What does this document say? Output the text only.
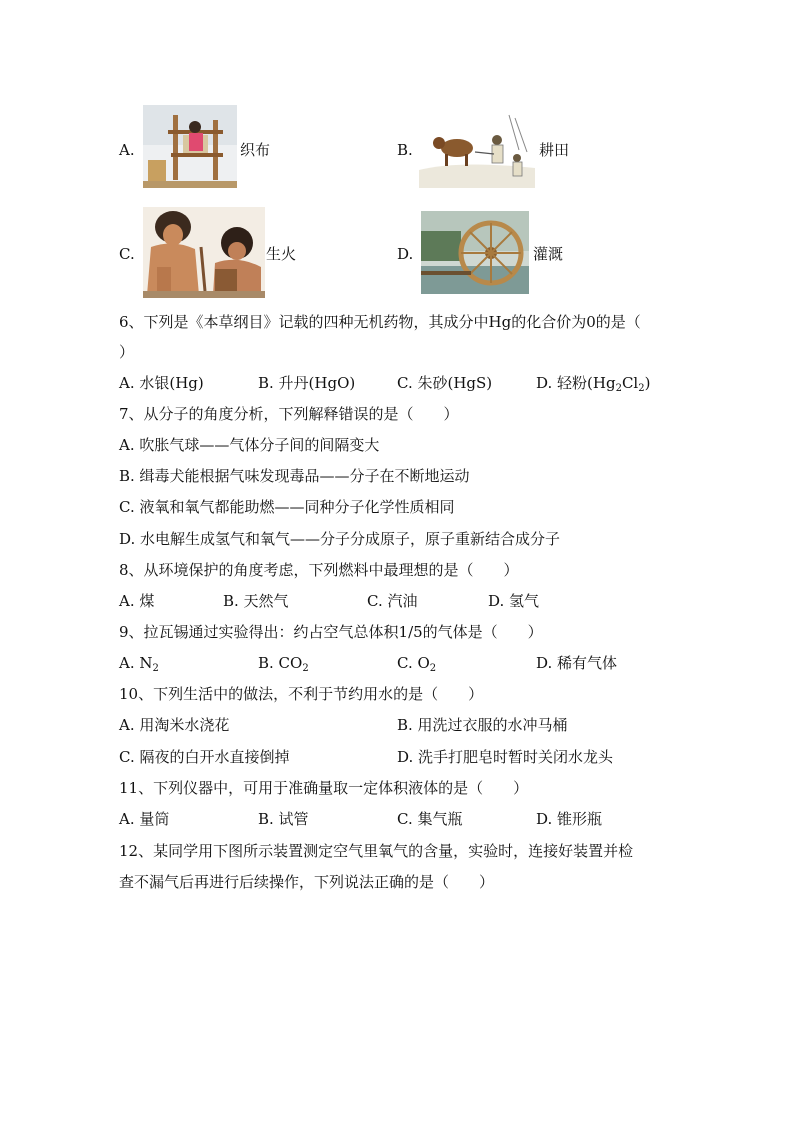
A.	织布	B.	耕田
C.	生火	D.	灌溉
6、下列是《本草纲目》记载的四种无机药物，其成分中Hg的化合价为0的是（
）
A. 水银(Hg)	B. 升丹(HgO)	C. 朱砂(HgS)	D. 轻粉$(Hg_2Cl_2)$
7、从分子的角度分析，下列解释错误的是（　　）
A. 吹胀气球——气体分子间的间隔变大
B. 缉毒犬能根据气味发现毒品——分子在不断地运动
C. 液氧和氧气都能助燃——同种分子化学性质相同
D. 水电解生成氢气和氧气——分子分成原子，原子重新结合成分子
8、从环境保护的角度考虑，下列燃料中最理想的是（　　）
A. 煤	B. 天然气	C. 汽油	D. 氢气
9、拉瓦锡通过实验得出：约占空气总体积1/5的气体是（　　）
A. $N_2$	B. $CO_2$	C. $O_2$	D. 稀有气体
10、下列生活中的做法，不利于节约用水的是（　　）
A. 用淘米水浇花	B. 用洗过衣服的水冲马桶
C. 隔夜的白开水直接倒掉	D. 洗手打肥皂时暂时关闭水龙头
11、下列仪器中，可用于准确量取一定体积液体的是（　　）
A. 量筒	B. 试管	C. 集气瓶	D. 锥形瓶
12、某同学用下图所示装置测定空气里氧气的含量，实验时，连接好装置并检
查不漏气后再进行后续操作，下列说法正确的是（　　）
